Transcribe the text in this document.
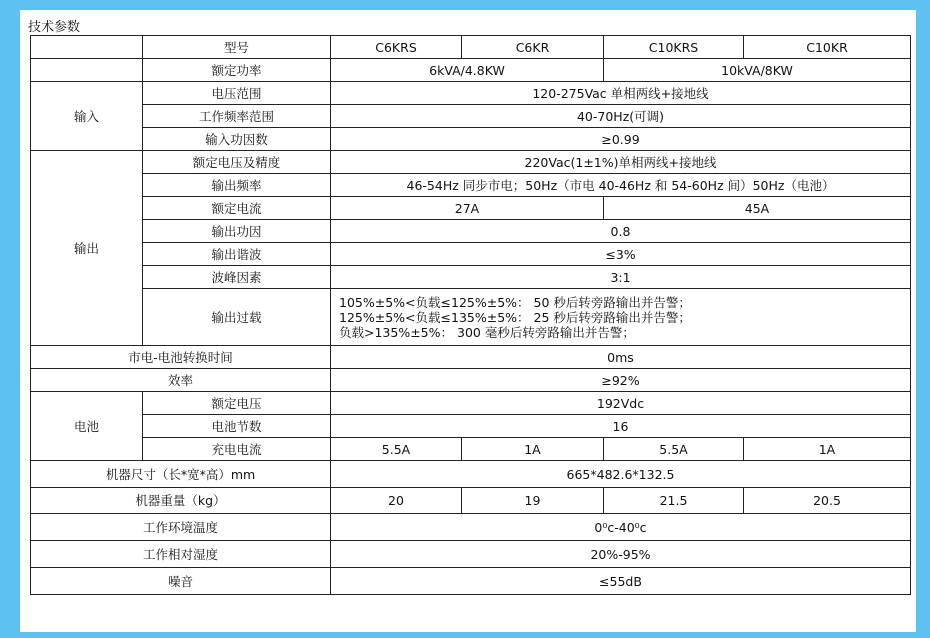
技术参数
	型号	C6KRS	C6KR	C10KRS	C10KR
	额定功率	6kVA/4.8KW		10kVA/8KW	
输入	电压范围	120-275Vac 单相两线+接地线			
	工作频率范围	40-70Hz(可调)			
	输入功因数	≥0.99			
输出	额定电压及精度	220Vac(1±1%)单相两线+接地线			
	输出频率	46-54Hz 同步市电；50Hz（市电 40-46Hz 和 54-60Hz 间）50Hz（电池）			
	额定电流	27A		45A	
	输出功因	0.8			
	输出谐波	≤3%			
	波峰因素	3:1			
	输出过载	105%±5%<负载≤125%±5%： 50 秒后转旁路输出并告警；
125%±5%<负载≤135%±5%： 25 秒后转旁路输出并告警；
负载>135%±5%： 300 毫秒后转旁路输出并告警；			

市电-电池转换时间		0ms			
效率		≥92%			
电池	额定电压	192Vdc			
	电池节数	16			
	充电电流	5.5A	1A	5.5A	1A
机器尺寸（长*宽*高）mm		665*482.6*132.5			
机器重量（kg）		20	19	21.5	20.5
工作环境温度		0⁰c-40⁰c			
工作相对湿度		20%-95%			
噪音		≤55dB			
